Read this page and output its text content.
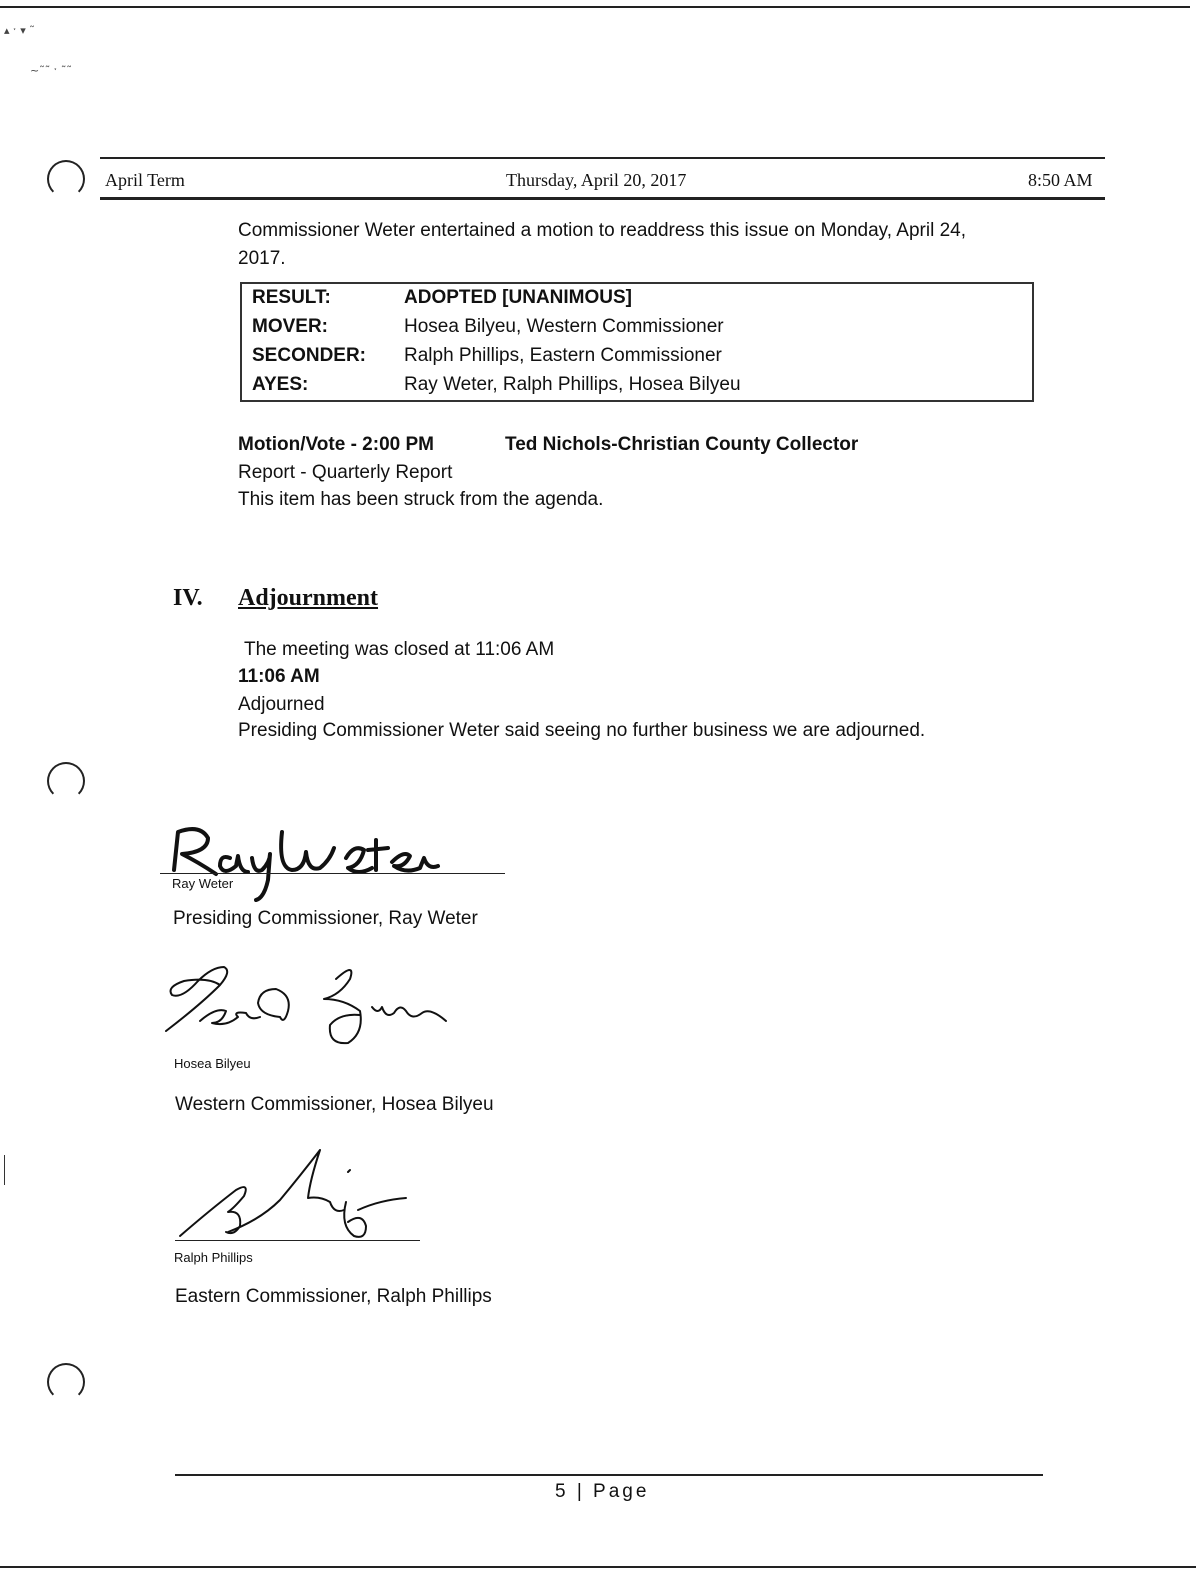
▴ ˑ ▾ ˜
~˜˜ ˑ ˜˜
April Term	Thursday, April 20, 2017	8:50 AM
Commissioner Weter entertained a motion to readdress this issue on Monday, April 24,
2017.
RESULT:	ADOPTED [UNANIMOUS]
MOVER:	Hosea Bilyeu, Western Commissioner
SECONDER: Ralph Phillips, Eastern Commissioner
AYES:	Ray Weter, Ralph Phillips, Hosea Bilyeu
Motion/Vote - 2:00 PM	Ted Nichols-Christian County Collector
Report - Quarterly Report
This item has been struck from the agenda.
IV. Adjournment
The meeting was closed at 11:06 AM
11:06 AM
Adjourned
Presiding Commissioner Weter said seeing no further business we are adjourned.
Ray Weter
Presiding Commissioner, Ray Weter
Hosea Bilyeu
Western Commissioner, Hosea Bilyeu
Ralph Phillips
Eastern Commissioner, Ralph Phillips
5 | Page
